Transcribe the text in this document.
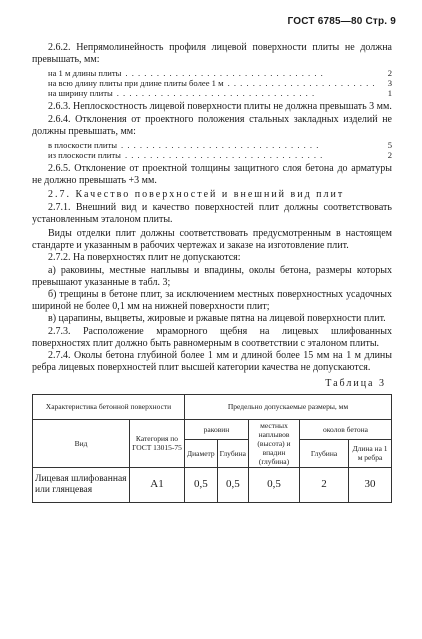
ГОСТ 6785—80 Стр. 9

2.6.2. Непрямолинейность профиля лицевой поверхности плиты не должна превышать, мм:

на 1 м длины плиты . . .	2
на всю длину плиты при длине плиты более 1 м . . .	3
на ширину плиты . . .	1

2.6.3. Неплоскостность лицевой поверхности плиты не должна превышать 3 мм.

2.6.4. Отклонения от проектного положения стальных закладных изделий не должны превышать, мм:

в плоскости плиты . . .	5
из плоскости плиты . . .	2

2.6.5. Отклонение от проектной толщины защитного слоя бетона до арматуры не должно превышать +3 мм.

2.7. Качество поверхностей и внешний вид плит

2.7.1. Внешний вид и качество поверхностей плит должны соответствовать установленным эталоном плиты.

Виды отделки плит должны соответствовать предусмотренным в настоящем стандарте и указанным в рабочих чертежах и заказе на изготовление плит.

2.7.2. На поверхностях плит не допускаются:

а) раковины, местные наплывы и впадины, околы бетона, размеры которых превышают указанные в табл. 3;

б) трещины в бетоне плит, за исключением местных поверхностных усадочных шириной не более 0,1 мм на нижней поверхности плит;

в) царапины, выцветы, жировые и ржавые пятна на лицевой поверхности плит.

2.7.3. Расположение мраморного щебня на лицевых шлифованных поверхностях плит должно быть равномерным в соответствии с эталоном плиты.

2.7.4. Околы бетона глубиной более 1 мм и длиной более 15 мм на 1 м длины ребра лицевых поверхностей плит высшей категории качества не допускаются.

Таблица 3
Характеристика бетонной поверхности		Предельно допускаемые размеры, мм				
Вид	Категория по ГОСТ 13015-75	раковин		местных наплывов (высота) и впадин (глубина)	околов бетона	
		Диаметр	Глубина		Глубина	Длина на 1 м ребра
Лицевая шлифованная или глянцевая	А1	0,5	0,5	0,5	2	30
